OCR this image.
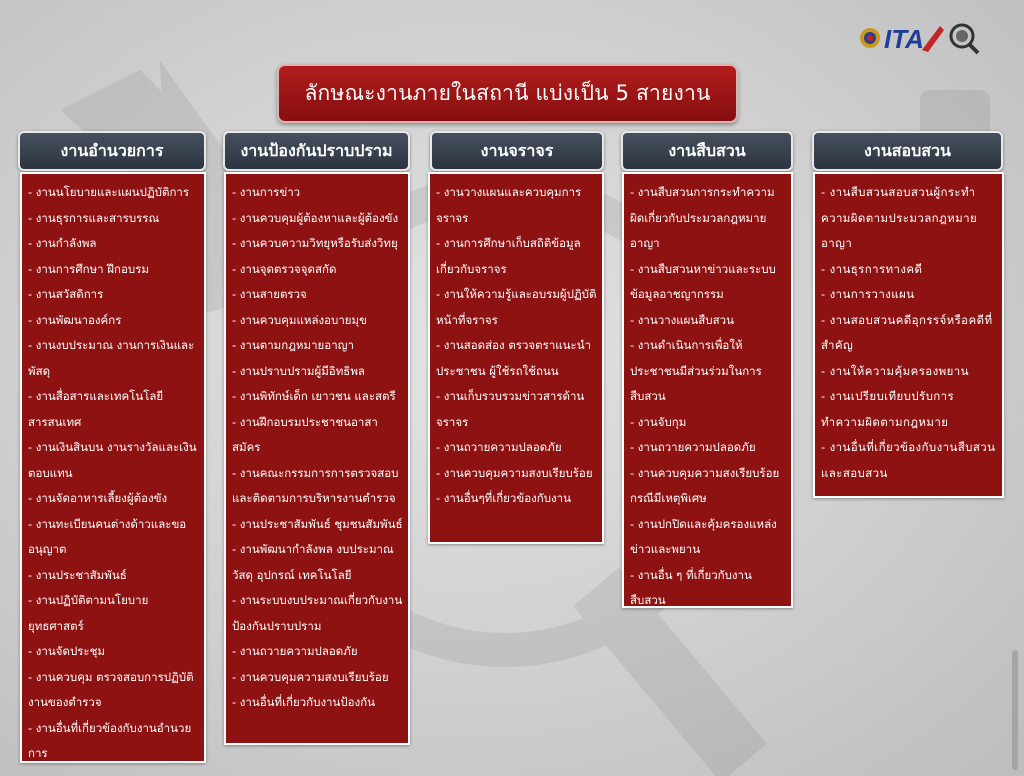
ITA
ลักษณะงานภายในสถานี แบ่งเป็น 5 สายงาน
งานอำนวยการ

- งานนโยบายและแผนปฏิบัติการ

- งานธุรการและสารบรรณ

- งานกำลังพล

- งานการศึกษา ฝึกอบรม

- งานสวัสดิการ

- งานพัฒนาองค์กร

- งานงบประมาณ งานการเงินและพัสดุ

- งานสื่อสารและเทคโนโลยีสารสนเทศ

- งานเงินสินบน งานรางวัลและเงินตอบแทน

- งานจัดอาหารเลี้ยงผู้ต้องขัง

- งานทะเบียนคนต่างด้าวและขออนุญาต

- งานประชาสัมพันธ์

- งานปฏิบัติตามนโยบายยุทธศาสตร์

- งานจัดประชุม

- งานควบคุม ตรวจสอบการปฏิบัติงานของตำรวจ

- งานอื่นที่เกี่ยวข้องกับงานอำนวยการ

งานป้องกันปราบปราม

- งานการข่าว

- งานควบคุมผู้ต้องหาและผู้ต้องขัง

- งานควบความวิทยุหรือรับส่งวิทยุ

- งานจุดตรวจจุดสกัด

- งานสายตรวจ

- งานควบคุมแหล่งอบายมุข

- งานตามกฎหมายอาญา

- งานปราบปรามผู้มีอิทธิพล

- งานพิทักษ์เด็ก เยาวชน และสตรี

- งานฝึกอบรมประชาชนอาสาสมัคร

- งานคณะกรรมการการตรวจสอบและติดตามการบริหารงานตำรวจ

- งานประชาสัมพันธ์ ชุมชนสัมพันธ์

- งานพัฒนากำลังพล งบประมาณ วัสดุ อุปกรณ์ เทคโนโลยี

- งานระบบงบประมาณเกี่ยวกับงานป้องกันปราบปราม

- งานถวายความปลอดภัย

- งานควบคุมความสงบเรียบร้อย

- งานอื่นที่เกี่ยวกับงานป้องกัน

งานจราจร

- งานวางแผนและควบคุมการจราจร

- งานการศึกษาเก็บสถิติข้อมูลเกี่ยวกับจราจร

- งานให้ความรู้และอบรมผู้ปฏิบัติหน้าที่จราจร

- งานสอดส่อง ตรวจตราแนะนำประชาชน ผู้ใช้รถใช้ถนน

- งานเก็บรวบรวมข่าวสารด้านจราจร

- งานถวายความปลอดภัย

- งานควบคุมความสงบเรียบร้อย

- งานอื่นๆที่เกี่ยวข้องกับงาน

งานสืบสวน

- งานสืบสวนการกระทำความผิดเกี่ยวกับประมวลกฎหมายอาญา

- งานสืบสวนหาข่าวและระบบข้อมูลอาชญากรรม

- งานวางแผนสืบสวน

- งานดำเนินการเพื่อให้ประชาชนมีส่วนร่วมในการสืบสวน

- งานจับกุม

- งานถวายความปลอดภัย

- งานควบคุมความสงเรียบร้อยกรณีมีเหตุพิเศษ

- งานปกปิดและคุ้มครองแหล่งข่าวและพยาน

- งานอื่น ๆ ที่เกี่ยวกับงานสืบสวน

งานสอบสวน

- งานสืบสวนสอบสวนผู้กระทำความผิดตามประมวลกฎหมายอาญา

- งานธุรการทางคดี

- งานการวางแผน

- งานสอบสวนคดีอุกรรจ์หรือคดีที่สำคัญ

- งานให้ความคุ้มครองพยาน

- งานเปรียบเทียบปรับการทำความผิดตามกฎหมาย

- งานอื่นที่เกี่ยวข้องกับงานสืบสวนและสอบสวน
